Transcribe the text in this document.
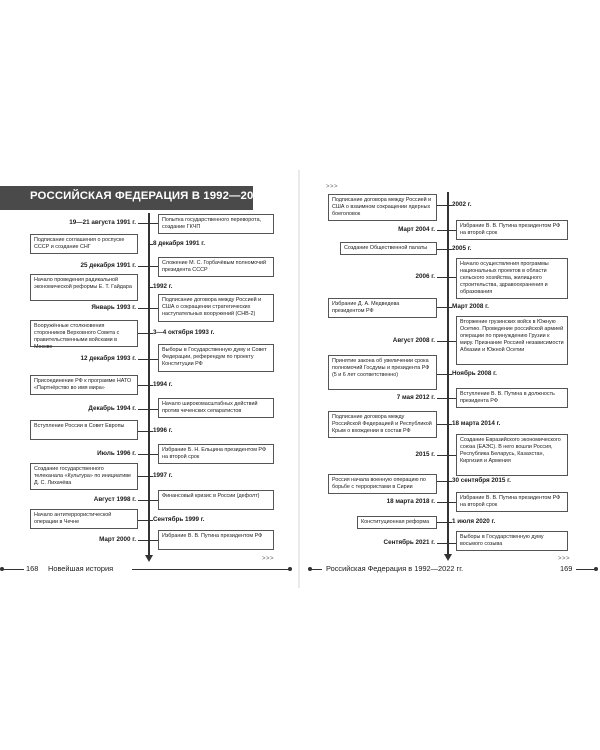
РОССИЙСКАЯ ФЕДЕРАЦИЯ В 1992—2022 гг.
19—21 августа 1991 г.
8 декабря 1991 г.
25 декабря 1991 г.
1992 г.
Январь 1993 г.
3—4 октября 1993 г.
12 декабря 1993 г.
1994 г.
Декабрь 1994 г.
1996 г.
Июль 1996 г.
1997 г.
Август 1998 г.
Сентябрь 1999 г.
Март 2000 г.
Подписание соглашения о роспуске СССР и создание СНГ
Начало проведения радикальной экономической реформы Е. Т. Гайдара
Вооружённые столкновения сторонников Верховного Совета с правительственными войсками в Москве
Присоединение РФ к программе НАТО «Партнёрство во имя мира»
Вступление России в Совет Европы
Создание государственного телеканала «Культура» по инициативе Д. С. Лихачёва
Начало антитеррористической операции в Чечне
Попытка государственного переворота, создание ГКЧП
Сложение М. С. Горбачёвым полномочий президента СССР
Подписание договора между Россией и США о сокращении стратегических наступательных вооружений (СНВ-2)
Выборы в Государственную думу и Совет Федерации, референдум по проекту Конституции РФ
Начало широкомасштабных действий против чеченских сепаратистов
Избрание Б. Н. Ельцина президентом РФ на второй срок
Финансовый кризис в России (дефолт)
Избрание В. В. Путина президентом РФ
>>>
168 Новейшая история
>>>
2002 г.
Март 2004 г.
2005 г.
2006 г.
Март 2008 г.
Август 2008 г.
Ноябрь 2008 г.
7 мая 2012 г.
18 марта 2014 г.
2015 г.
30 сентября 2015 г.
18 марта 2018 г.
1 июля 2020 г.
Сентябрь 2021 г.
Подписание договора между Россией и США о взаимном сокращении ядерных боеголовок
Создание Общественной палаты
Избрание Д. А. Медведева президентом РФ
Принятие закона об увеличении срока полномочий Госдумы и президента РФ (5 и 6 лет соответственно)
Подписание договора между Российской Федерацией и Республикой Крым о вхождении в состав РФ
Россия начала военную операцию по борьбе с террористами в Сирии
Конституционная реформа
Избрание В. В. Путина президентом РФ на второй срок
Начало осуществления программы национальных проектов в области сельского хозяйства, жилищного строительства, здравоохранения и образования
Вторжение грузинских войск в Южную Осетию. Проведение российской армией операции по принуждению Грузии к миру. Признание Россией независимости Абхазии и Южной Осетии
Вступление В. В. Путина в должность президента РФ
Создание Евразийского экономического союза (ЕАЭС). В него вошли Россия, Республика Беларусь, Казахстан, Киргизия и Армения
Избрание В. В. Путина президентом РФ на второй срок
Выборы в Государственную думу восьмого созыва
>>>
Российская Федерация в 1992—2022 гг.	169
